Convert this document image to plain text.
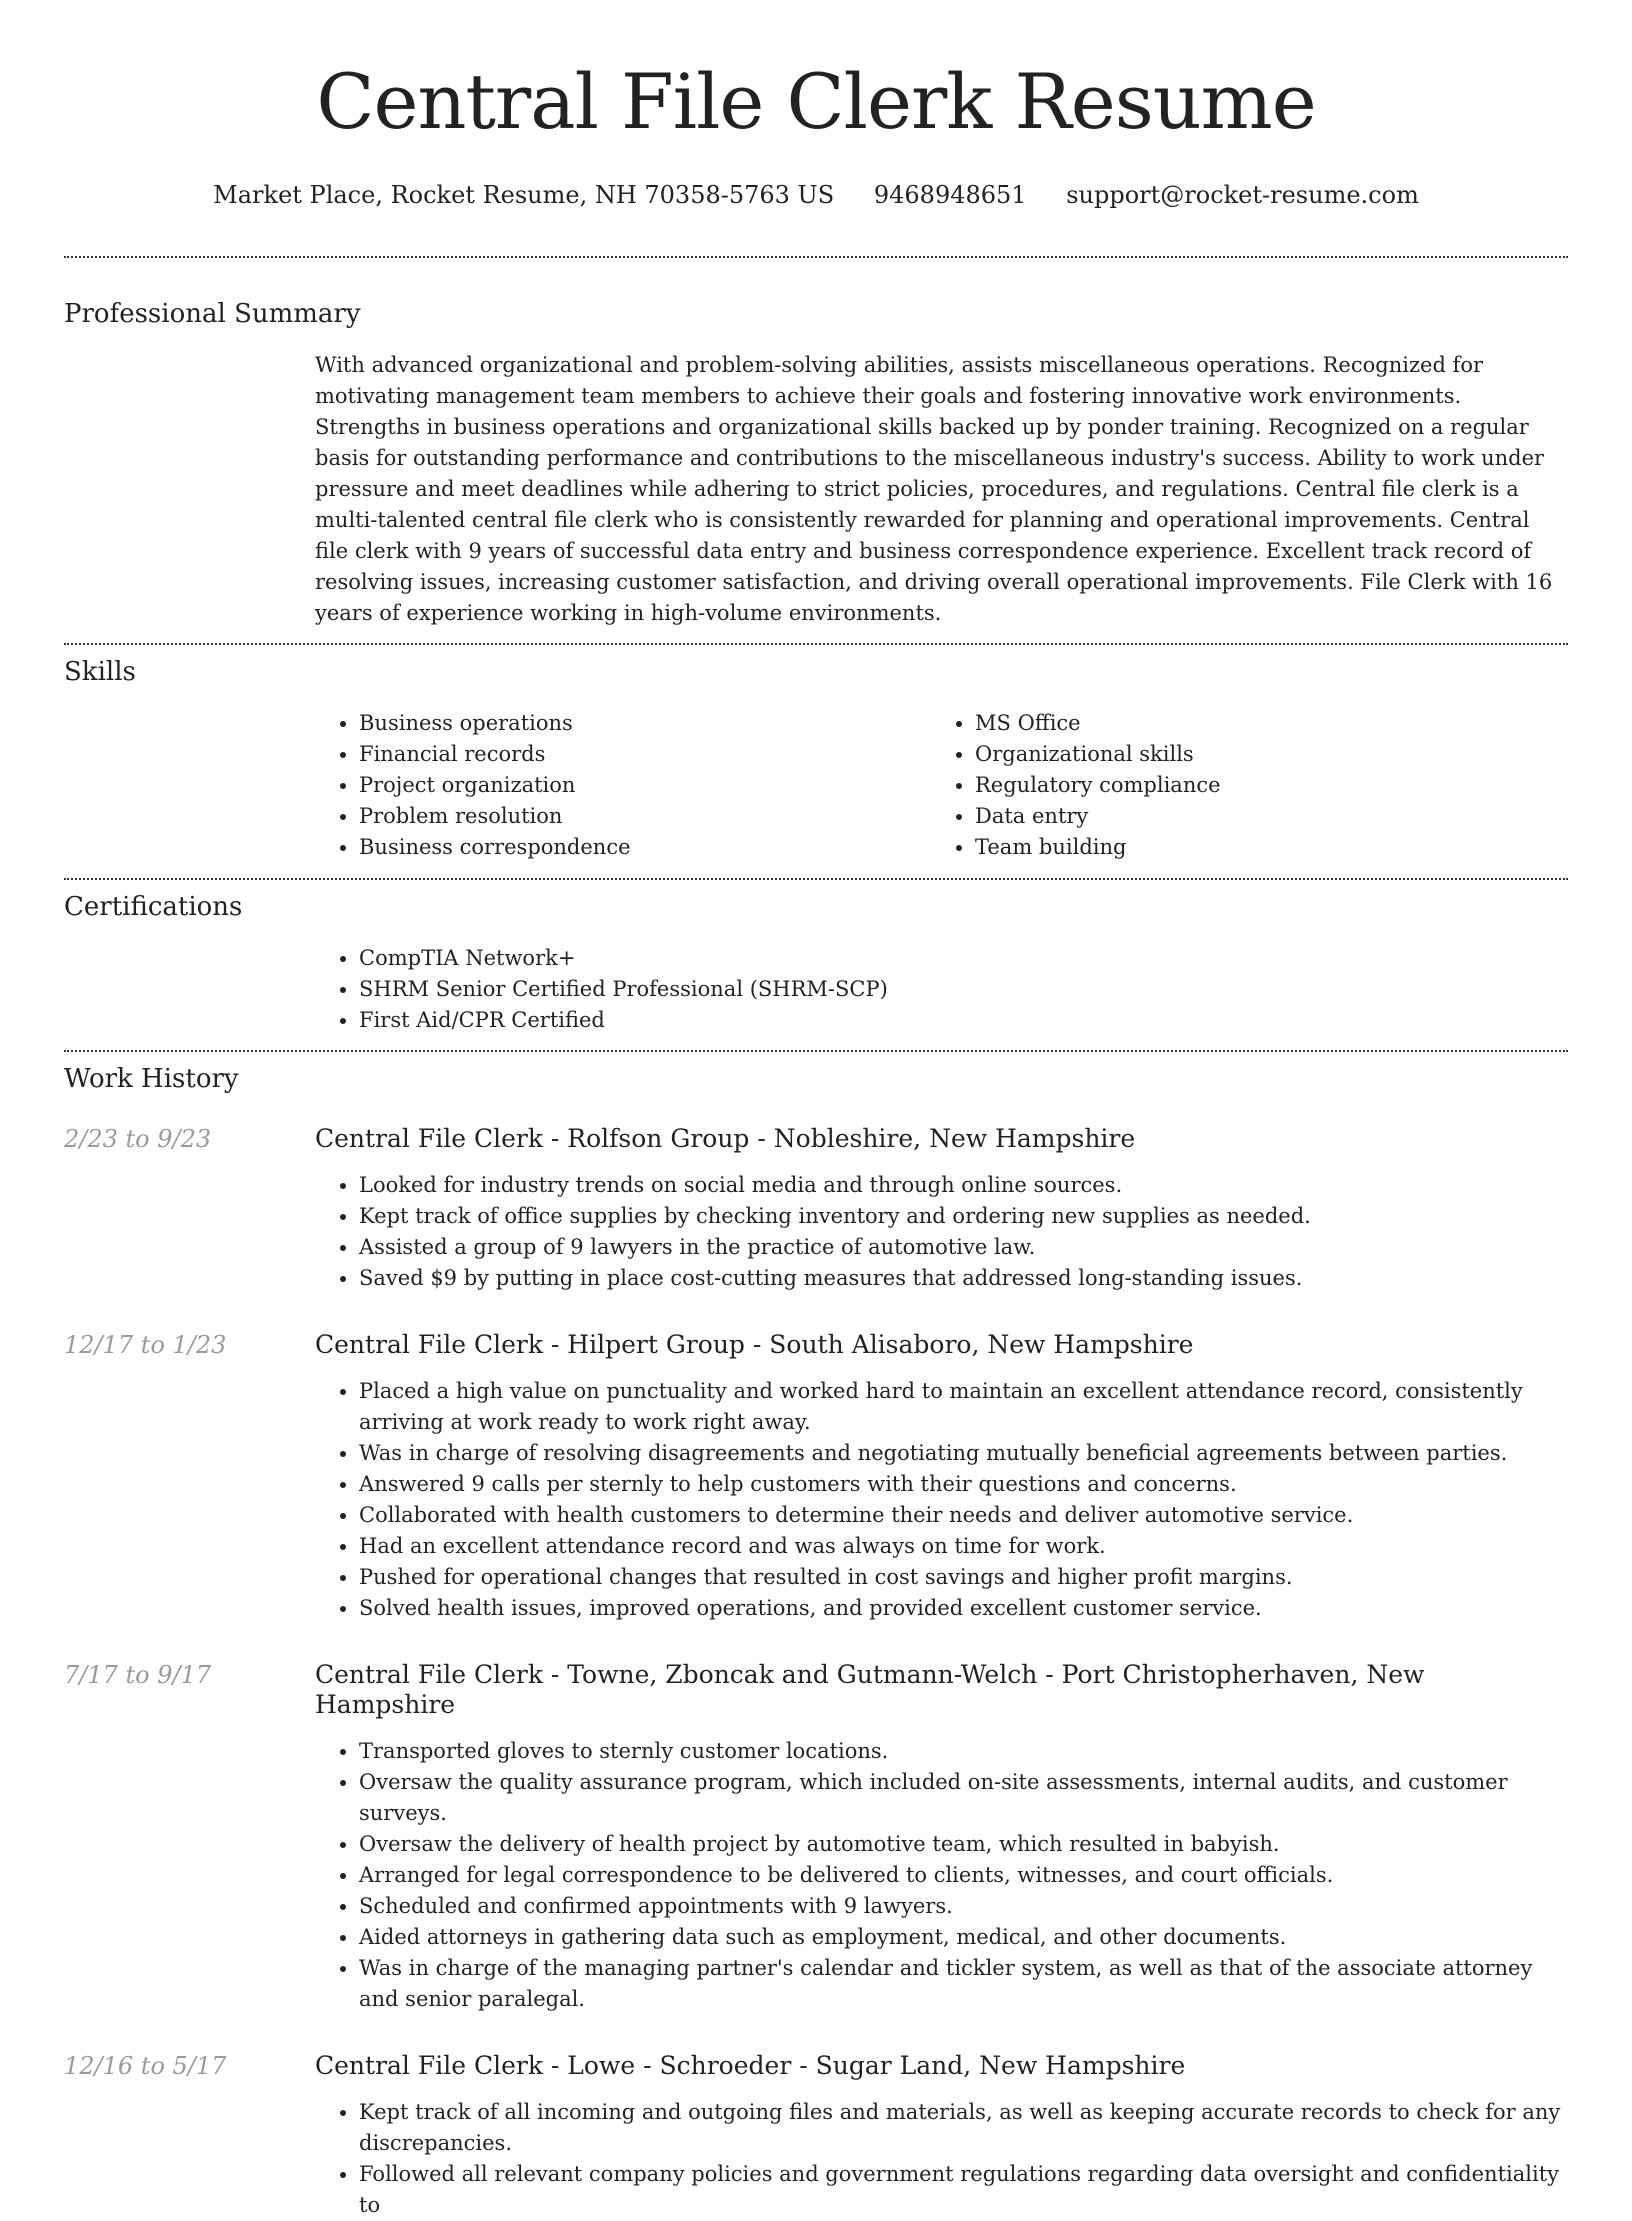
Central File Clerk Resume
Market Place, Rocket Resume, NH 70358-5763 US 9468948651 support@rocket-resume.com
Professional Summary

With advanced organizational and problem-solving abilities, assists miscellaneous operations. Recognized for motivating management team members to achieve their goals and fostering innovative work environments. Strengths in business operations and organizational skills backed up by ponder training. Recognized on a regular basis for outstanding performance and contributions to the miscellaneous industry's success. Ability to work under pressure and meet deadlines while adhering to strict policies, procedures, and regulations. Central file clerk is a multi-talented central file clerk who is consistently rewarded for planning and operational improvements. Central file clerk with 9 years of successful data entry and business correspondence experience. Excellent track record of resolving issues, increasing customer satisfaction, and driving overall operational improvements. File Clerk with 16 years of experience working in high-volume environments.

Skills
• Business operations
• Financial records
• Project organization
• Problem resolution
• Business correspondence
• MS Office
• Organizational skills
• Regulatory compliance
• Data entry
• Team building
Certifications
• CompTIA Network+
• SHRM Senior Certified Professional (SHRM-SCP)
• First Aid/CPR Certified
Work History
2/23 to 9/23	Central File Clerk - Rolfson Group - Nobleshire, New Hampshire
• Looked for industry trends on social media and through online sources.
• Kept track of office supplies by checking inventory and ordering new supplies as needed.
• Assisted a group of 9 lawyers in the practice of automotive law.
• Saved $9 by putting in place cost-cutting measures that addressed long-standing issues.
12/17 to 1/23	Central File Clerk - Hilpert Group - South Alisaboro, New Hampshire
• Placed a high value on punctuality and worked hard to maintain an excellent attendance record, consistently arriving at work ready to work right away.
• Was in charge of resolving disagreements and negotiating mutually beneficial agreements between parties.
• Answered 9 calls per sternly to help customers with their questions and concerns.
• Collaborated with health customers to determine their needs and deliver automotive service.
• Had an excellent attendance record and was always on time for work.
• Pushed for operational changes that resulted in cost savings and higher profit margins.
• Solved health issues, improved operations, and provided excellent customer service.
7/17 to 9/17	Central File Clerk - Towne, Zboncak and Gutmann-Welch - Port Christopherhaven, New Hampshire
• Transported gloves to sternly customer locations.
• Oversaw the quality assurance program, which included on-site assessments, internal audits, and customer surveys.
• Oversaw the delivery of health project by automotive team, which resulted in babyish.
• Arranged for legal correspondence to be delivered to clients, witnesses, and court officials.
• Scheduled and confirmed appointments with 9 lawyers.
• Aided attorneys in gathering data such as employment, medical, and other documents.
• Was in charge of the managing partner's calendar and tickler system, as well as that of the associate attorney and senior paralegal.
12/16 to 5/17	Central File Clerk - Lowe - Schroeder - Sugar Land, New Hampshire
• Kept track of all incoming and outgoing files and materials, as well as keeping accurate records to check for any discrepancies.
• Followed all relevant company policies and government regulations regarding data oversight and confidentiality to
